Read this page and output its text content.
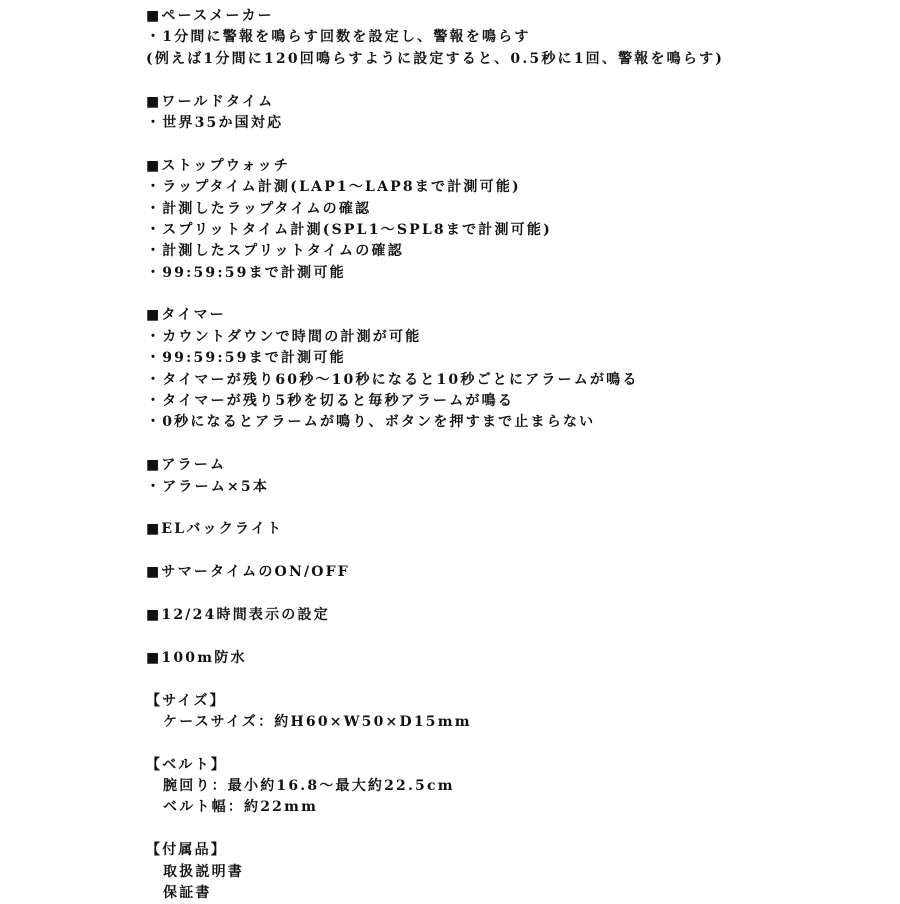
■ペースメーカー
・1分間に警報を鳴らす回数を設定し、警報を鳴らす
(例えば1分間に120回鳴らすように設定すると、0.5秒に1回、警報を鳴らす)
■ワールドタイム
・世界35か国対応
■ストップウォッチ
・ラップタイム計測(LAP1～LAP8まで計測可能)
・計測したラップタイムの確認
・スプリットタイム計測(SPL1～SPL8まで計測可能)
・計測したスプリットタイムの確認
・99:59:59まで計測可能
■タイマー
・カウントダウンで時間の計測が可能
・99:59:59まで計測可能
・タイマーが残り60秒～10秒になると10秒ごとにアラームが鳴る
・タイマーが残り5秒を切ると毎秒アラームが鳴る
・0秒になるとアラームが鳴り、ボタンを押すまで止まらない
■アラーム
・アラーム×5本
■ELバックライト
■サマータイムのON/OFF
■12/24時間表示の設定
■100m防水
【サイズ】
ケースサイズ：約H60×W50×D15mm
【ベルト】
腕回り：最小約16.8～最大約22.5cm
ベルト幅：約22mm
【付属品】
取扱説明書
保証書
